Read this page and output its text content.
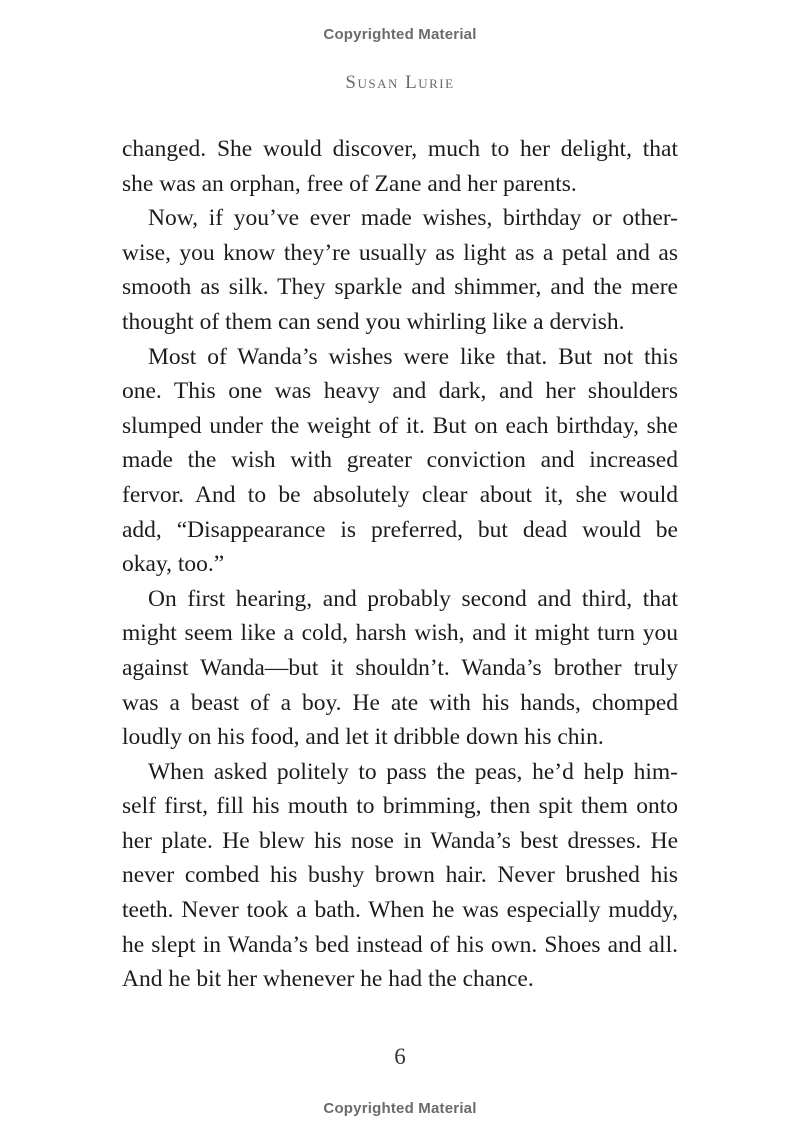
Copyrighted Material
Susan Lurie
changed. She would discover, much to her delight, that
she was an orphan, free of Zane and her parents.
Now, if you’ve ever made wishes, birthday or other-
wise, you know they’re usually as light as a petal and as
smooth as silk. They sparkle and shimmer, and the mere
thought of them can send you whirling like a dervish.
Most of Wanda’s wishes were like that. But not this
one. This one was heavy and dark, and her shoulders
slumped under the weight of it. But on each birthday, she
made the wish with greater conviction and increased
fervor. And to be absolutely clear about it, she would
add, “Disappearance is preferred, but dead would be
okay, too.”
On first hearing, and probably second and third, that
might seem like a cold, harsh wish, and it might turn you
against Wanda—but it shouldn’t. Wanda’s brother truly
was a beast of a boy. He ate with his hands, chomped
loudly on his food, and let it dribble down his chin.
When asked politely to pass the peas, he’d help him-
self first, fill his mouth to brimming, then spit them onto
her plate. He blew his nose in Wanda’s best dresses. He
never combed his bushy brown hair. Never brushed his
teeth. Never took a bath. When he was especially muddy,
he slept in Wanda’s bed instead of his own. Shoes and all.
And he bit her whenever he had the chance.
6
Copyrighted Material
